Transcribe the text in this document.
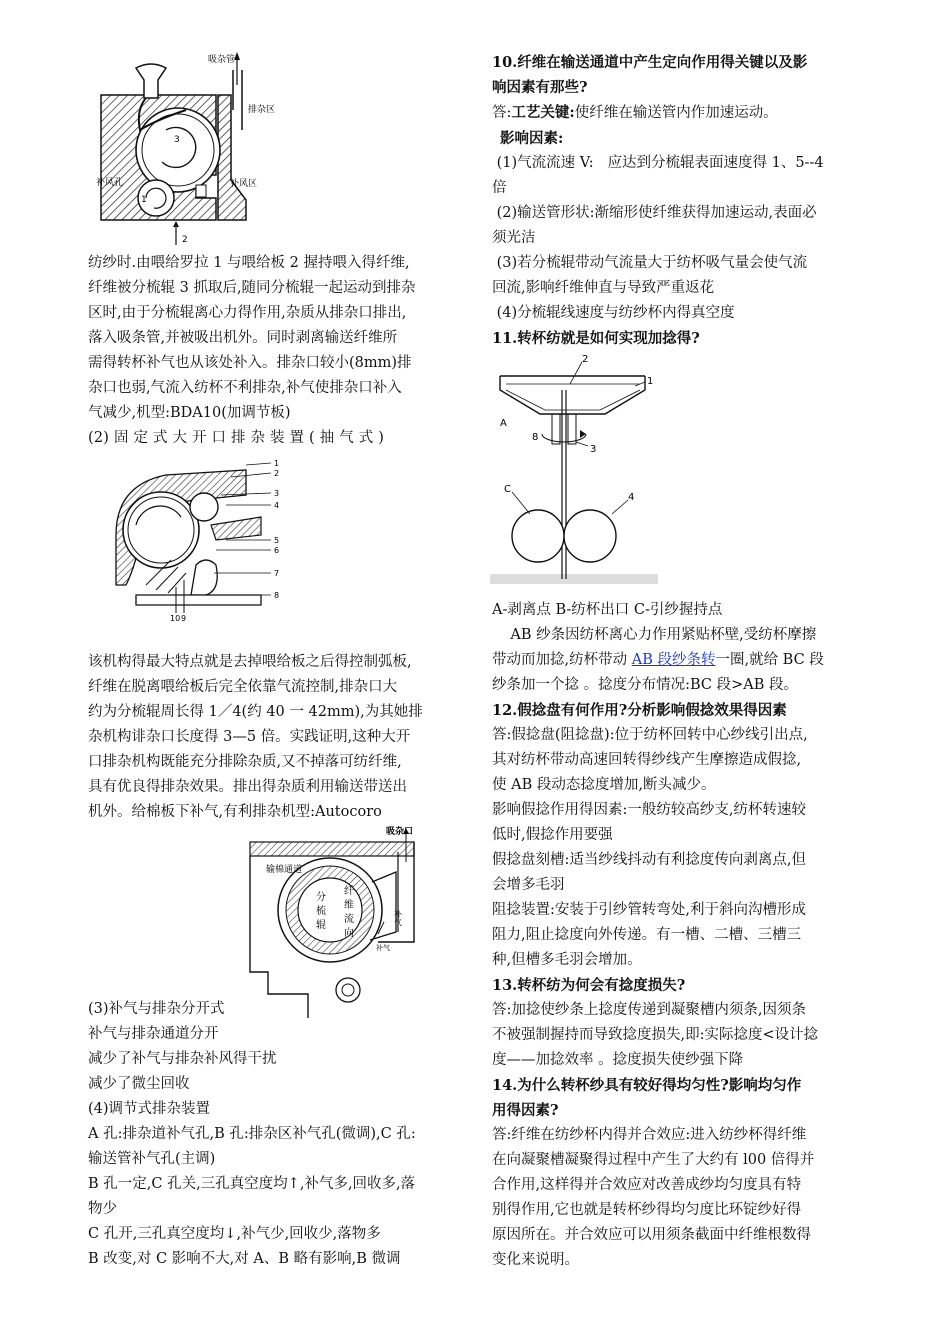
吸杂管
排杂区
补风孔	补风区
3
1
2

纺纱时.由喂给罗拉 1 与喂给板 2 握持喂入得纤维,

纤维被分梳辊 3 抓取后,随同分梳辊一起运动到排杂

区时,由于分梳辊离心力得作用,杂质从排杂口排出,

落入吸条管,并被吸出机外。同时剥离输送纤维所

需得转杯补气也从该处补入。排杂口较小(8mm)排

杂口也弱,气流入纺杯不利排杂,补气使排杂口补入

气减少,机型:BDA10(加调节板)

(2) 固 定 式 大 开 口 排 杂 装 置 ( 抽 气 式 )

1
2
3
4
5
6
7
8
10 9

该机构得最大特点就是去掉喂给板之后得控制弧板,

纤维在脱离喂给板后完全依靠气流控制,排杂口大

约为分梳辊周长得 1／4(约 40 一 42mm),为其她排

杂机构诽杂口长度得 3—5 倍。实践证明,这种大开

口排杂机构既能充分排除杂质,又不掉落可纺纤维,

具有优良得排杂效果。排出得杂质利用输送带送出

机外。给棉板下补气,有利排杂机型:Autocoro

吸杂口
输棉通道
分
梳
辊
纤
维
流
向
补气
补气

(3)补气与排杂分开式

补气与排杂通道分开

减少了补气与排杂补风得干扰

减少了微尘回收

(4)调节式排杂装置

A 孔:排杂道补气孔,B 孔:排杂区补气孔(微调),C 孔:

输送管补气孔(主调)

B 孔一定,C 孔关,三孔真空度均↑,补气多,回收多,落

物少

C 孔开,三孔真空度均↓,补气少,回收少,落物多

B 改变,对 C 影响不大,对 A、B 略有影响,B 微调

10.纤维在输送通道中产生定向作用得关键以及影

响因素有那些?

答:工艺关键:使纤维在输送管内作加速运动。

影响因素:

(1)气流流速 V:   应达到分梳辊表面速度得 1、5--4

倍

(2)输送管形状:渐缩形使纤维获得加速运动,表面必

须光洁

(3)若分梳辊带动气流量大于纺杯吸气量会使气流

回流,影响纤维伸直与导致严重返花

(4)分梳辊线速度与纺纱杯内得真空度

11.转杯纺就是如何实现加捻得?

2
1
A
8
3
C
4

A-剥离点 B-纺杯出口 C-引纱握持点

AB 纱条因纺杯离心力作用紧贴杯壁,受纺杯摩擦

带动而加捻,纺杯带动 AB 段纱条转一圈,就给 BC 段

纱条加一个捻 。捻度分布情况:BC 段>AB 段。

12.假捻盘有何作用?分析影响假捻效果得因素

答:假捻盘(阻捻盘):位于纺杯回转中心纱线引出点,

其对纺杯带动高速回转得纱线产生摩擦造成假捻,

使 AB 段动态捻度增加,断头减少。

影响假捻作用得因素:一般纺较高纱支,纺杯转速较

低时,假捻作用要强

假捻盘刻槽:适当纱线抖动有利捻度传向剥离点,但

会增多毛羽

阻捻装置:安装于引纱管转弯处,利于斜向沟槽形成

阻力,阻止捻度向外传递。有一槽、二槽、三槽三

种,但槽多毛羽会增加。

13.转杯纺为何会有捻度损失?

答:加捻使纱条上捻度传递到凝聚槽内须条,因须条

不被强制握持而导致捻度损失,即:实际捻度<设计捻

度——加捻效率 。捻度损失使纱强下降

14.为什么转杯纱具有较好得均匀性?影响均匀作

用得因素?

答:纤维在纺纱杯内得并合效应:进入纺纱杯得纤维

在向凝聚槽凝聚得过程中产生了大约有 l00 倍得并

合作用,这样得并合效应对改善成纱均匀度具有特

别得作用,它也就是转杯纱得均匀度比环锭纱好得

原因所在。并合效应可以用须条截面中纤维根数得

变化来说明。
